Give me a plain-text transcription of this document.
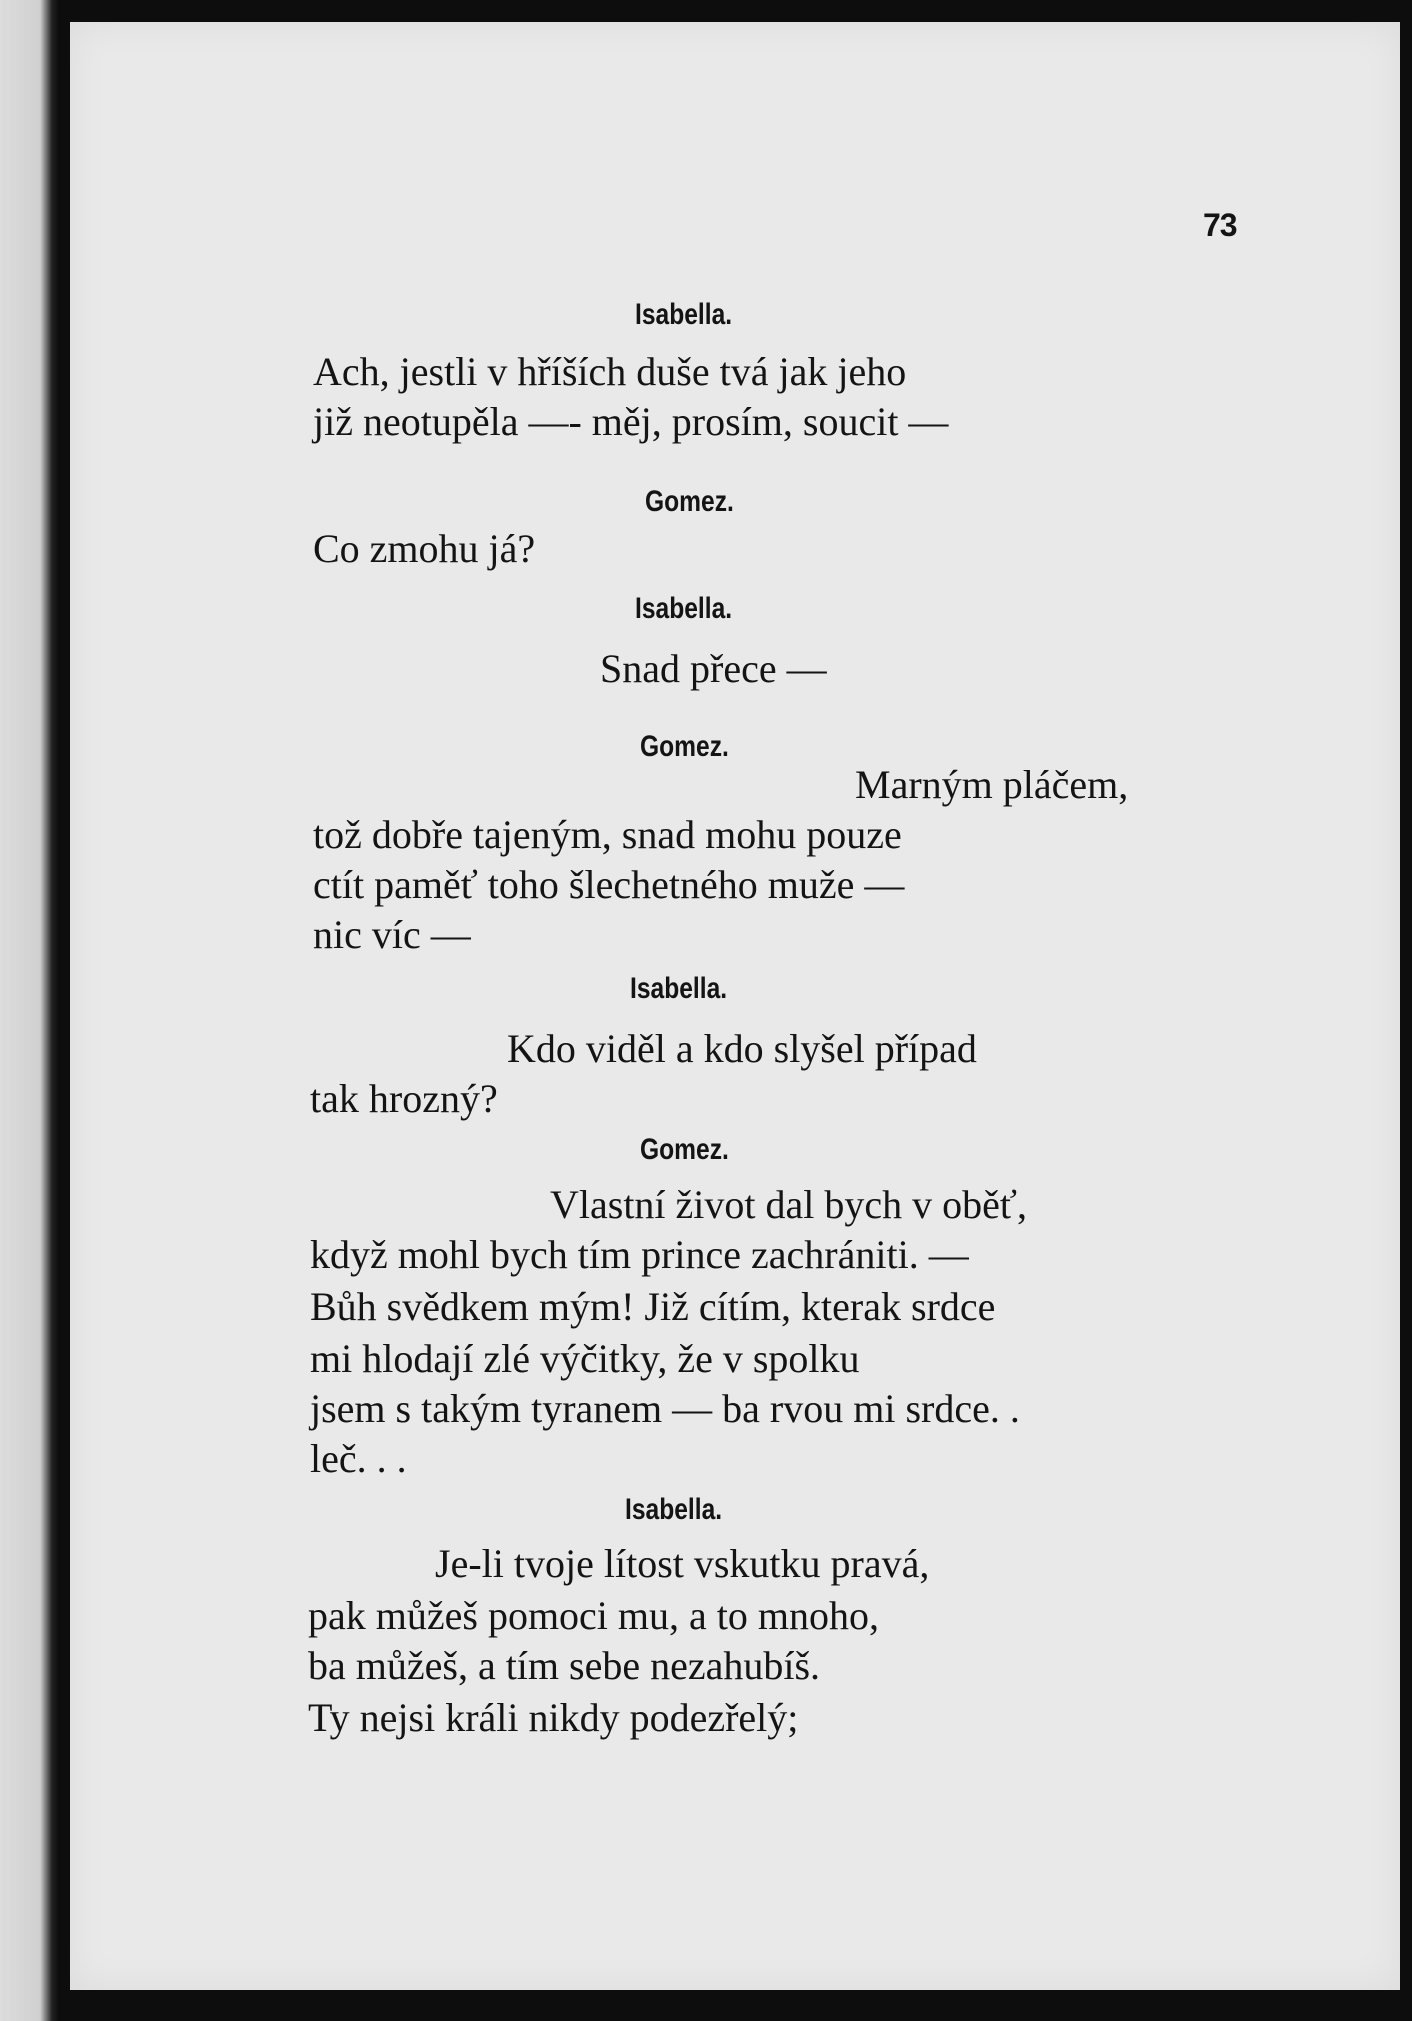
73
Isabella.
Ach, jestli v hříších duše tvá jak jeho
již neotupěla —- měj, prosím, soucit —
Gomez.
Co zmohu já?
Isabella.
Snad přece —
Gomez.
Marným pláčem,
tož dobře tajeným, snad mohu pouze
ctít paměť toho šlechetného muže —
nic víc —
Isabella.
Kdo viděl a kdo slyšel případ
tak hrozný?
Gomez.
Vlastní život dal bych v oběť,
když mohl bych tím prince zachrániti. —
Bůh svědkem mým! Již cítím, kterak srdce
mi hlodají zlé výčitky, že v spolku
jsem s takým tyranem — ba rvou mi srdce. .
leč. . .
Isabella.
Je-li tvoje lítost vskutku pravá,
pak můžeš pomoci mu, a to mnoho,
ba můžeš, a tím sebe nezahubíš.
Ty nejsi králi nikdy podezřelý;
